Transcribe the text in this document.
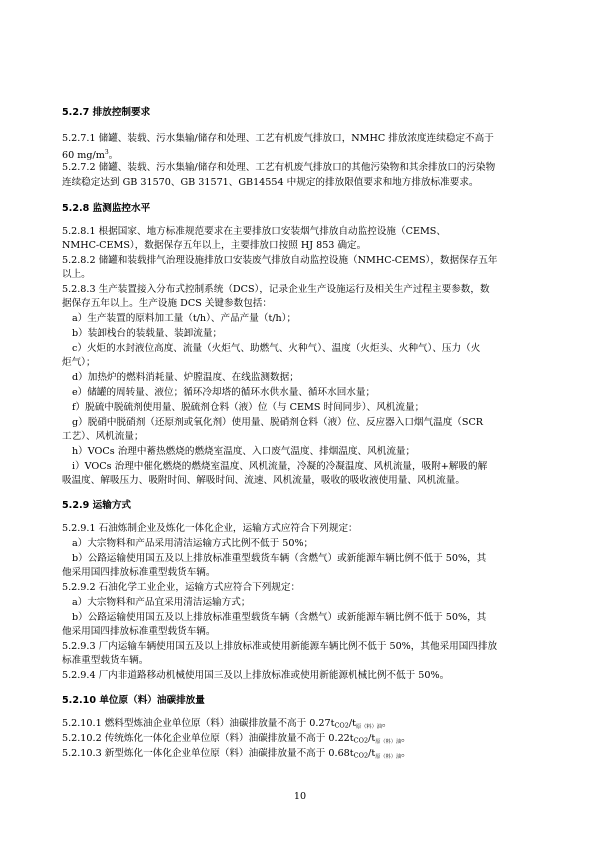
5.2.7 排放控制要求
5.2.7.1 储罐、装载、污水集输/储存和处理、工艺有机废气排放口，NMHC 排放浓度连续稳定不高于
60 $mg/m^3$。
5.2.7.2 储罐、装载、污水集输/储存和处理、工艺有机废气排放口的其他污染物和其余排放口的污染物
连续稳定达到 GB 31570、GB 31571、GB14554 中规定的排放限值要求和地方排放标准要求。
5.2.8 监测监控水平
5.2.8.1 根据国家、地方标准规范要求在主要排放口安装烟气排放自动监控设施（CEMS、
NMHC-CEMS），数据保存五年以上，主要排放口按照 HJ 853 确定。
5.2.8.2 储罐和装载排气治理设施排放口安装废气排放自动监控设施（NMHC-CEMS），数据保存五年
以上。
5.2.8.3 生产装置接入分布式控制系统（DCS），记录企业生产设施运行及相关生产过程主要参数，数
据保存五年以上。生产设施 DCS 关键参数包括：
a）生产装置的原料加工量（t/h）、产品产量（t/h）；
b）装卸栈台的装载量、装卸流量；
c）火炬的水封液位高度、流量（火炬气、助燃气、火种气）、温度（火炬头、火种气）、压力（火
炬气）；
d）加热炉的燃料消耗量、炉膛温度、在线监测数据；
e）储罐的周转量、液位；循环冷却塔的循环水供水量、循环水回水量；
f）脱硫中脱硫剂使用量、脱硫剂仓料（液）位（与 CEMS 时间同步）、风机流量；
g）脱硝中脱硝剂（还原剂或氧化剂）使用量、脱硝剂仓料（液）位、反应器入口烟气温度（SCR
工艺）、风机流量；
h）VOCs 治理中蓄热燃烧的燃烧室温度、入口废气温度、排烟温度、风机流量；
i）VOCs 治理中催化燃烧的燃烧室温度、风机流量，冷凝的冷凝温度、风机流量，吸附+解吸的解
吸温度、解吸压力、吸附时间、解吸时间、流速、风机流量，吸收的吸收液使用量、风机流量。
5.2.9 运输方式
5.2.9.1 石油炼制企业及炼化一体化企业，运输方式应符合下列规定：
a）大宗物料和产品采用清洁运输方式比例不低于 50%；
b）公路运输使用国五及以上排放标准重型载货车辆（含燃气）或新能源车辆比例不低于 50%，其
他采用国四排放标准重型载货车辆。
5.2.9.2 石油化学工业企业，运输方式应符合下列规定：
a）大宗物料和产品宜采用清洁运输方式；
b）公路运输使用国五及以上排放标准重型载货车辆（含燃气）或新能源车辆比例不低于 50%，其
他采用国四排放标准重型载货车辆。
5.2.9.3 厂内运输车辆使用国五及以上排放标准或使用新能源车辆比例不低于 50%，其他采用国四排放
标准重型载货车辆。
5.2.9.4 厂内非道路移动机械使用国三及以上排放标准或使用新能源机械比例不低于 50%。
5.2.10 单位原（料）油碳排放量
5.2.10.1 燃料型炼油企业单位原（料）油碳排放量不高于 $0.27t_{CO2}/t_{原(料)油}$。
5.2.10.2 传统炼化一体化企业单位原（料）油碳排放量不高于 $0.22t_{CO2}/t_{原(料)油}$。
5.2.10.3 新型炼化一体化企业单位原（料）油碳排放量不高于 $0.68t_{CO2}/t_{原(料)油}$。
10
